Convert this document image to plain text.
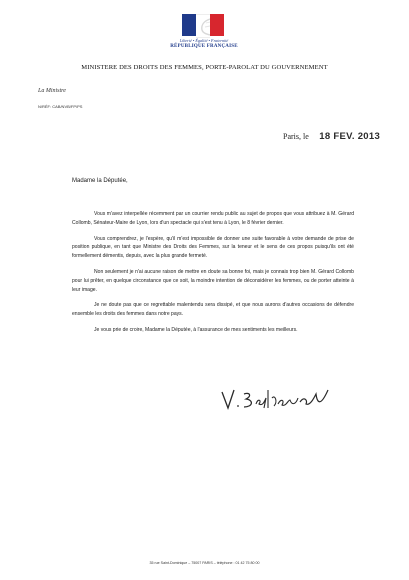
Liberté • Égalité • Fraternité
RÉPUBLIQUE FRANÇAISE
MINISTERE DES DROITS DES FEMMES, PORTE-PAROLAT DU GOUVERNEMENT
La Ministre
N/RÉF: CAB/NVB/FP/PS
Paris, le 18 FEV. 2013
Madame la Députée,

Vous m'avez interpellée récemment par un courrier rendu public au sujet de propos que vous attribuez à M. Gérard Collomb, Sénateur-Maire de Lyon, lors d'un spectacle qui s'est tenu à Lyon, le 8 février dernier.

Vous comprendrez, je l'espère, qu'il m'est impossible de donner une suite favorable à votre demande de prise de position publique, en tant que Ministre des Droits des Femmes, sur la teneur et le sens de ces propos puisqu'ils ont été formellement démentis, depuis, avec la plus grande fermeté.

Non seulement je n'ai aucune raison de mettre en doute sa bonne foi, mais je connais trop bien M. Gérard Collomb pour lui prêter, en quelque circonstance que ce soit, la moindre intention de déconsidérer les femmes, ou de porter atteinte à leur image.

Je ne doute pas que ce regrettable malentendu sera dissipé, et que nous aurons d'autres occasions de défendre ensemble les droits des femmes dans notre pays.

Je vous prie de croire, Madame la Députée, à l'assurance de mes sentiments les meilleurs.

35 rue Saint-Dominique – 75007 PARIS – téléphone : 01 42 75 80 00
